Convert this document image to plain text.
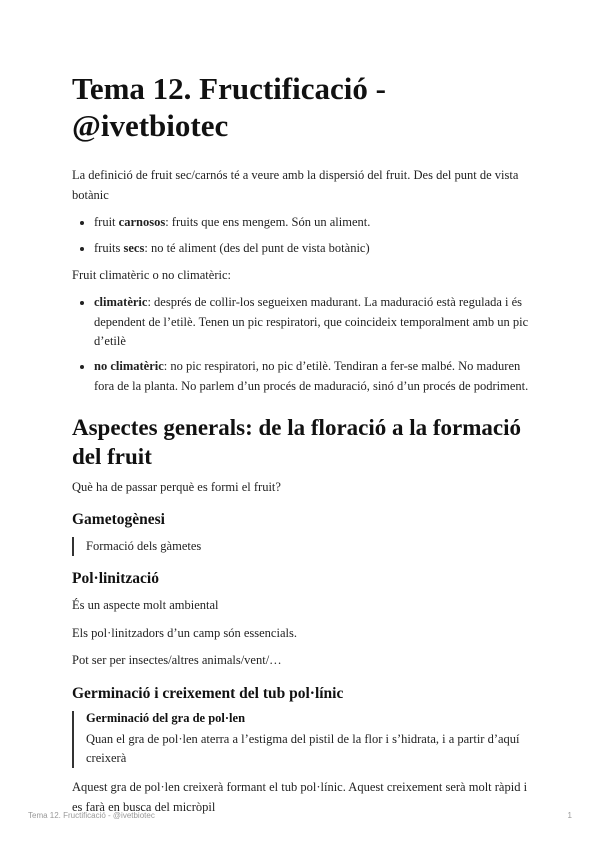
Tema 12. Fructificació - @ivetbiotec

La definició de fruit sec/carnós té a veure amb la dispersió del fruit. Des del punt de vista botànic

• fruit carnosos: fruits que ens mengem. Són un aliment.
• fruits secs: no té aliment (des del punt de vista botànic)

Fruit climatèric o no climatèric:

• climatèric: després de collir-los segueixen madurant. La maduració està regulada i és dependent de l’etilè. Tenen un pic respiratori, que coincideix temporalment amb un pic d’etilè
• no climatèric: no pic respiratori, no pic d’etilè. Tendiran a fer-se malbé. No maduren fora de la planta. No parlem d’un procés de maduració, sinó d’un procés de podriment.
Aspectes generals: de la floració a la formació del fruit

Què ha de passar perquè es formi el fruit?

Gametogènesi

Formació dels gàmetes

Pol·linització

És un aspecte molt ambiental

Els pol·linitzadors d’un camp són essencials.

Pot ser per insectes/altres animals/vent/…

Germinació i creixement del tub pol·línic
Germinació del gra de pol·len

Quan el gra de pol·len aterra a l’estigma del pistil de la flor i s’hidrata, i a partir d’aquí creixerà

Aquest gra de pol·len creixerà formant el tub pol·línic. Aquest creixement serà molt ràpid i es farà en busca del micròpil

Tema 12. Fructificació - @ivetbiotec	1
